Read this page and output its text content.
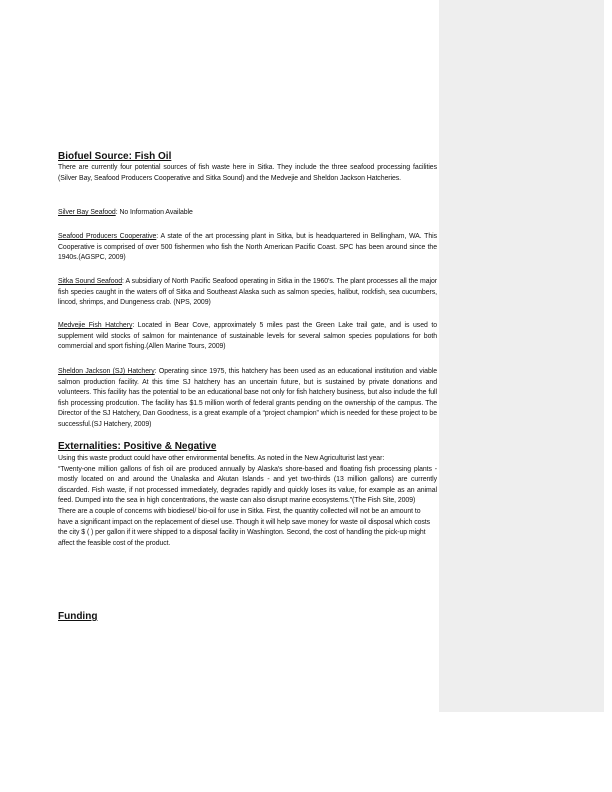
Biofuel Source: Fish Oil
There are currently four potential sources of fish waste here in Sitka. They include the three seafood processing facilities (Silver Bay, Seafood Producers Cooperative and Sitka Sound) and the Medvejie and Sheldon Jackson Hatcheries.
Silver Bay Seafood: No Information Available
Seafood Producers Cooperative: A state of the art processing plant in Sitka, but is headquartered in Bellingham, WA. This Cooperative is comprised of over 500 fishermen who fish the North American Pacific Coast. SPC has been around since the 1940s.(AGSPC, 2009)
Sitka Sound Seafood: A subsidiary of North Pacific Seafood operating in Sitka in the 1960’s. The plant processes all the major fish species caught in the waters off of Sitka and Southeast Alaska such as salmon species, halibut, rockfish, sea cucumbers, lincod, shrimps, and Dungeness crab. (NPS, 2009)
Medvejie Fish Hatchery: Located in Bear Cove, approximately 5 miles past the Green Lake trail gate, and is used to supplement wild stocks of salmon for maintenance of sustainable levels for several salmon species populations for both commercial and sport fishing.(Allen Marine Tours, 2009)
Sheldon Jackson (SJ) Hatchery: Operating since 1975, this hatchery has been used as an educational institution and viable salmon production facility. At this time SJ hatchery has an uncertain future, but is sustained by private donations and volunteers. This facility has the potential to be an educational base not only for fish hatchery business, but also include the full fish processing prodcution. The facility has $1.5 million worth of federal grants pending on the ownership of the campus. The Director of the SJ Hatchery, Dan Goodness, is a great example of a “project champion” which is needed for these project to be successful.(SJ Hatchery, 2009)
Externalities: Positive & Negative
Using this waste product could have other environmental benefits. As noted in the New Agriculturist last year:
“Twenty-one million gallons of fish oil are produced annually by Alaska's shore-based and floating fish processing plants - mostly located on and around the Unalaska and Akutan Islands - and yet two-thirds (13 million gallons) are currently discarded. Fish waste, if not processed immediately, degrades rapidly and quickly loses its value, for example as an animal feed. Dumped into the sea in high concentrations, the waste can also disrupt marine ecosystems.”(The Fish Site, 2009)
There are a couple of concerns with biodiesel/ bio-oil for use in Sitka. First, the quantity collected will not be an amount to have a significant impact on the replacement of diesel use. Though it will help save money for waste oil disposal which costs the city $ ( ) per gallon if it were shipped to a disposal facility in Washington. Second, the cost of handling the pick-up might affect the feasible cost of the product.
Funding
